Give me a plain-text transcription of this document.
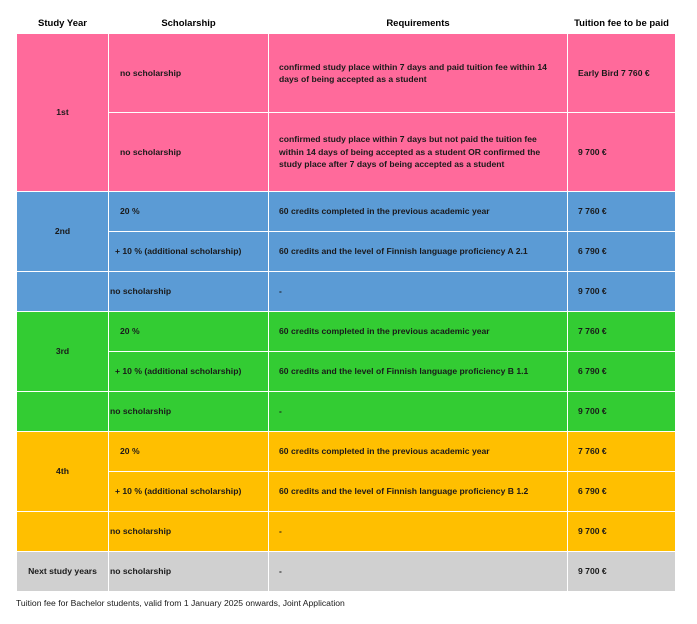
Study Year	Scholarship	Requirements	Tuition fee to be paid
1st	no scholarship	confirmed study place within 7 days and paid tuition fee within 14 days of being accepted as a student	Early Bird 7 760 €
	no scholarship	confirmed study place within 7 days but not paid the tuition fee within 14 days of being accepted as a student OR confirmed the study place after 7 days of being accepted as a student	9 700 €
2nd	20 %	60 credits completed in the previous academic year	7 760 €
	+ 10 % (additional scholarship)	60 credits and the level of Finnish language proficiency A 2.1	6 790 €
	no scholarship	-	9 700 €
3rd	20 %	60 credits completed in the previous academic year	7 760 €
	+ 10 % (additional scholarship)	60 credits and the level of Finnish language proficiency B 1.1	6 790 €
	no scholarship	-	9 700 €
4th	20 %	60 credits completed in the previous academic year	7 760 €
	+ 10 % (additional scholarship)	60 credits and the level of Finnish language proficiency B 1.2	6 790 €
	no scholarship	-	9 700 €
Next study years	no scholarship	-	9 700 €
Tuition fee for Bachelor students, valid from 1 January 2025 onwards, Joint Application
